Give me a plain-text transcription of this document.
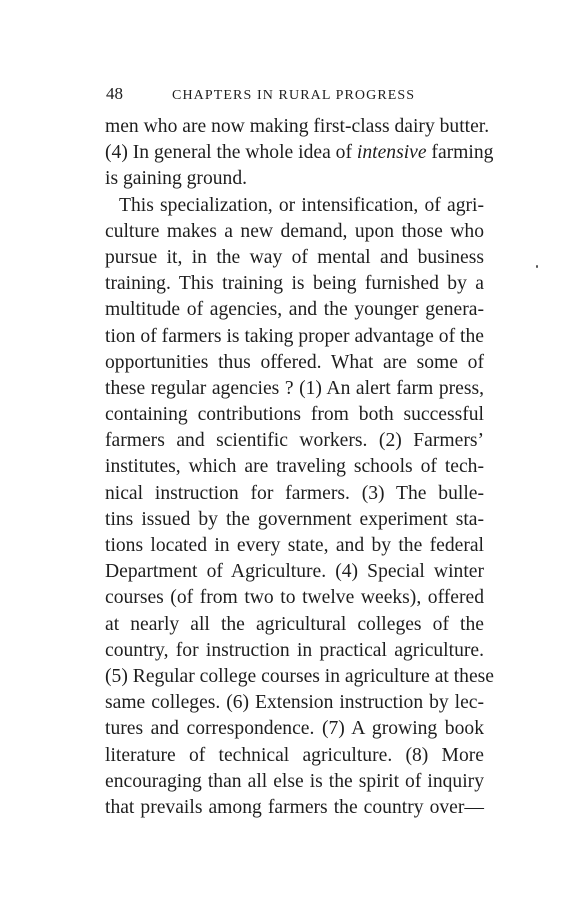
48	CHAPTERS IN RURAL PROGRESS
men who are now making first-class dairy butter.
(4) In general the whole idea of intensive farming
is gaining ground.
This specialization, or intensification, of agri-
culture makes a new demand, upon those who
pursue it, in the way of mental and business
training. This training is being furnished by a
multitude of agencies, and the younger genera-
tion of farmers is taking proper advantage of the
opportunities thus offered. What are some of
these regular agencies ? (1) An alert farm press,
containing contributions from both successful
farmers and scientific workers. (2) Farmers’
institutes, which are traveling schools of tech-
nical instruction for farmers. (3) The bulle-
tins issued by the government experiment sta-
tions located in every state, and by the federal
Department of Agriculture. (4) Special winter
courses (of from two to twelve weeks), offered
at nearly all the agricultural colleges of the
country, for instruction in practical agriculture.
(5) Regular college courses in agriculture at these
same colleges. (6) Extension instruction by lec-
tures and correspondence. (7) A growing book
literature of technical agriculture. (8) More
encouraging than all else is the spirit of inquiry
that prevails among farmers the country over—
